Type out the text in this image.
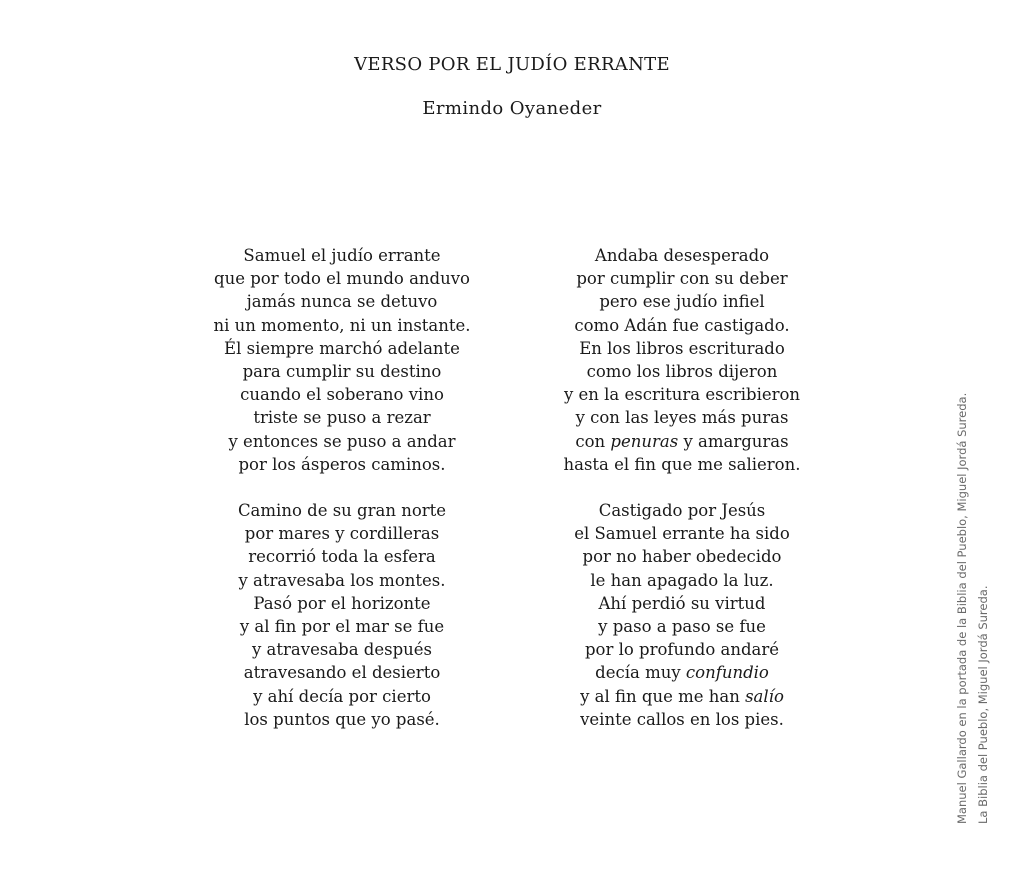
VERSO POR EL JUDÍO ERRANTE
Ermindo Oyaneder
Samuel el judío errante
que por todo el mundo anduvo
jamás nunca se detuvo
ni un momento, ni un instante.
Él siempre marchó adelante
para cumplir su destino
cuando el soberano vino
triste se puso a rezar
y entonces se puso a andar
por los ásperos caminos.
Camino de su gran norte
por mares y cordilleras
recorrió toda la esfera
y atravesaba los montes.
Pasó por el horizonte
y al fin por el mar se fue
y atravesaba después
atravesando el desierto
y ahí decía por cierto
los puntos que yo pasé.
Andaba desesperado
por cumplir con su deber
pero ese judío infiel
como Adán fue castigado.
En los libros escriturado
como los libros dijeron
y en la escritura escribieron
y con las leyes más puras
con penuras y amarguras
hasta el fin que me salieron.
Castigado por Jesús
el Samuel errante ha sido
por no haber obedecido
le han apagado la luz.
Ahí perdió su virtud
y paso a paso se fue
por lo profundo andaré
decía muy confundio
y al fin que me han salío
veinte callos en los pies.	Manuel Gallardo en la portada de la Biblia del Pueblo, Miguel Jordá Sureda. La Biblia del Pueblo, Miguel Jordá Sureda.
